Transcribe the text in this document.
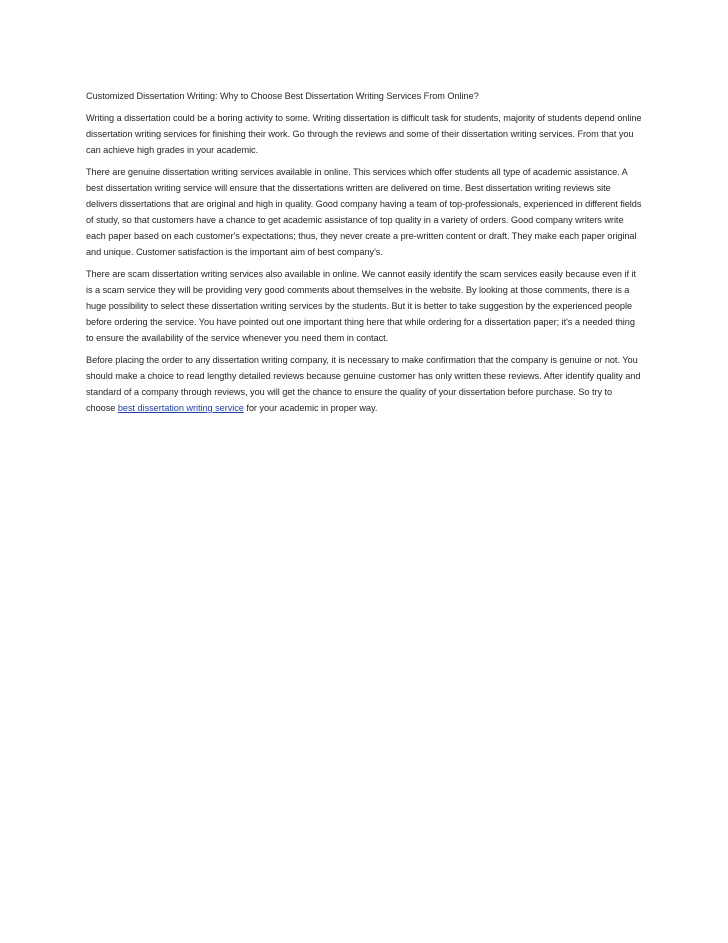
Customized Dissertation Writing: Why to Choose Best Dissertation Writing Services From Online?

Writing a dissertation could be a boring activity to some. Writing dissertation is difficult task for students, majority of students depend online dissertation writing services for finishing their work. Go through the reviews and some of their dissertation writing services. From that you can achieve high grades in your academic.

There are genuine dissertation writing services available in online. This services which offer students all type of academic assistance. A best dissertation writing service will ensure that the dissertations written are delivered on time. Best dissertation writing reviews site delivers dissertations that are original and high in quality. Good company having a team of top-professionals, experienced in different fields of study, so that customers have a chance to get academic assistance of top quality in a variety of orders. Good company writers write each paper based on each customer's expectations; thus, they never create a pre-written content or draft. They make each paper original and unique. Customer satisfaction is the important aim of best company's.

There are scam dissertation writing services also available in online. We cannot easily identify the scam services easily because even if it is a scam service they will be providing very good comments about themselves in the website. By looking at those comments, there is a huge possibility to select these dissertation writing services by the students. But it is better to take suggestion by the experienced people before ordering the service. You have pointed out one important thing here that while ordering for a dissertation paper; it's a needed thing to ensure the availability of the service whenever you need them in contact.

Before placing the order to any dissertation writing company, it is necessary to make confirmation that the company is genuine or not. You should make a choice to read lengthy detailed reviews because genuine customer has only written these reviews. After identify quality and standard of a company through reviews, you will get the chance to ensure the quality of your dissertation before purchase. So try to choose best dissertation writing service for your academic in proper way.
